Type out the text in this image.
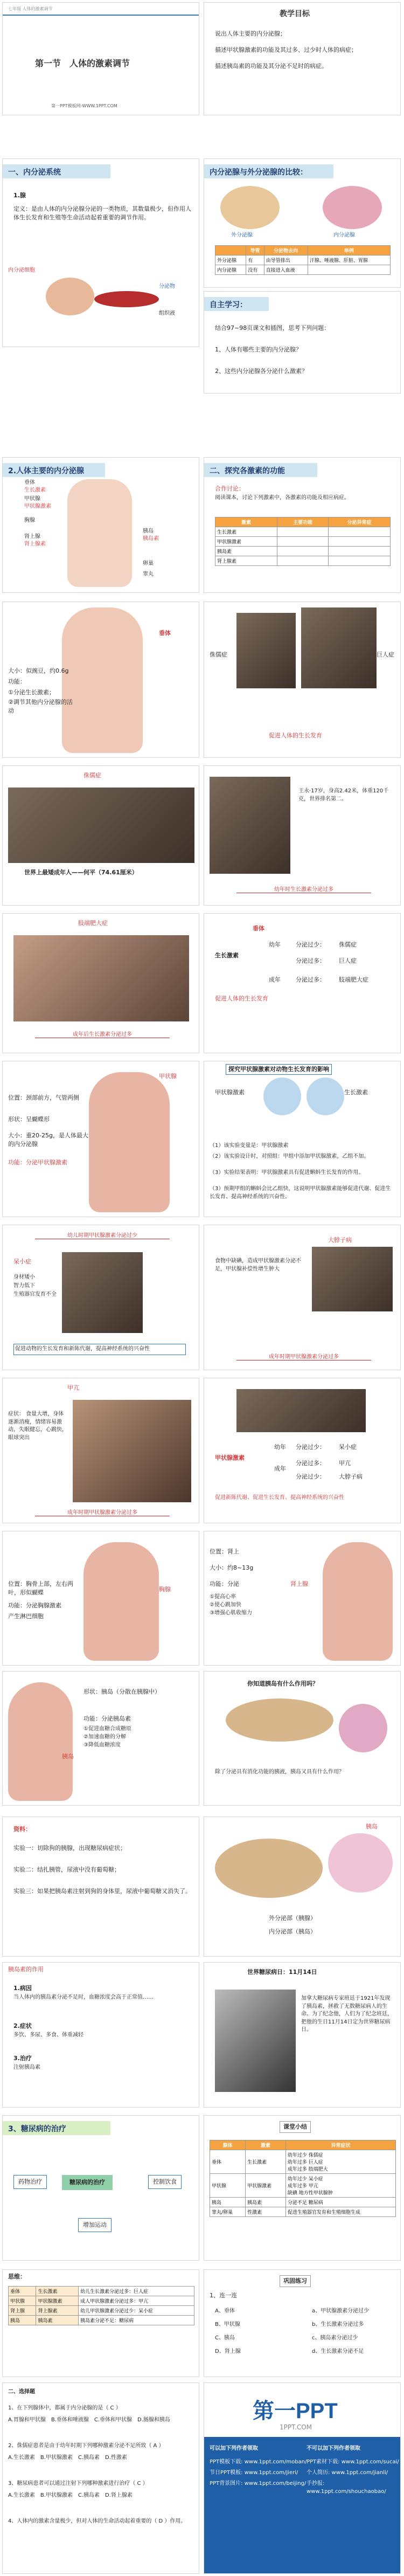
七年级 人体的激素调节
第一节　人体的激素调节
第一PPT模板网-WWW.1PPT.COM
教学目标
说出人体主要的内分泌腺；
描述甲状腺激素的功能及其过多、过少时人体的病症；
描述胰岛素的功能及其分泌不足时的病症。
一、内分泌系统
1.腺
定义：是由人体的内分泌腺分泌的一类物质，其数量极少，但作用人体生长发育和生殖等生命活动起着重要的调节作用。
内分泌细胞
分泌物
组织液
内分泌腺与外分泌腺的比较：
外分泌腺	内分泌腺
	导管	分泌物去向	举例
外分泌腺	有	由导管排出	汗腺、唾液腺、肝脏、胃腺
内分泌腺	没有	直接进入血液	
自主学习：
结合97~98页课文和插图，思考下列问题：
1、人体有哪些主要的内分泌腺？
2、这些内分泌腺各分泌什么激素？
2.人体主要的内分泌腺
垂体
生长激素
甲状腺
甲状腺激素
胸腺
肾上腺
肾上腺素
胰岛
胰岛素
卵巢
睾丸
二、探究各激素的功能
合作讨论：
阅读课本，讨论下列激素中，各激素的功能及相应病症。
激素	主要功能	分泌异常症
生长激素		
甲状腺激素		
胰岛素		
肾上腺素		
垂体
大小：似豌豆，约0.6g
功能：
①分泌生长激素；
②调节其他内分泌腺的活动
侏儒症	巨人症
促进人体的生长发育
侏儒症
世界上最矮成年人——何平（74.61厘米）
王永·17岁，身高2.42米，体重120千克，世界排名第二。
幼年时生长激素分泌过多
肢端肥大症
成年后生长激素分泌过多
垂体
生长激素
幼年	分泌过少： 侏儒症
分泌过多： 巨人症
成年	分泌过多： 肢端肥大症
促进人体的生长发育
甲状腺
位置：颈部前方，气管两侧
形状：呈蝴蝶形
大小：重20-25g，是人体最大的内分泌腺
功能：分泌甲状腺激素
探究甲状腺激素对动物生长发育的影响
甲状腺激素	生长激素
（1）该实验变量是：甲状腺激素
（2）该实验设计时，对照组：甲组中添加甲状腺激素，乙组不加。
（3）实验结果表明：甲状腺激素具有促进蝌蚪生长发育的作用。
（3）预期甲组的蝌蚪会比乙组快，这说明甲状腺激素能够促进代谢、促进生长发育、提高神经系统的兴奋性。
幼儿时期甲状腺激素分泌过少
呆小症
身材矮小
智力低下
生殖器官发育不全
促进动物的生长发育和新陈代谢，提高神经系统的兴奋性
大脖子病
食物中缺碘，造成甲状腺激素分泌不足，甲状腺补偿性增生肿大
成年时期甲状腺激素分泌过多
甲亢
症状： 食量大增，身体逐渐消瘦，情绪容易激动，失眠健忘，心跳快，眼球突出
成年时期甲状腺激素分泌过多
甲状腺激素
幼年 分泌过少： 呆小症
成年
分泌过多： 甲亢
分泌过少： 大脖子病
促进新陈代谢、促进生长发育、提高神经系统的兴奋性
位置：胸骨上部，左右两叶，形似蝴蝶
功能：分泌胸腺激素
产生淋巴细胞
胸腺
位置：肾上
大小：约8~13g
功能：分泌
①提高心率
②使心跳加快
③增强心肌收缩力
肾上腺
形状：胰岛（分散在胰腺中）
功能：分泌胰岛素
①促进血糖合成糖原
②加速血糖的分解
③降低血糖浓度
胰岛
你知道胰岛有什么作用吗？
除了分泌具有消化功能的胰液，胰岛又具有什么作用？
资料：
实验一：切除狗的胰腺，出现糖尿病症状；
实验二：结扎胰管，尿液中没有葡萄糖；
实验三：如果把胰岛素注射到狗的身体里，尿液中葡萄糖又消失了。
胰岛
外分泌部（胰腺）
内分泌部（胰岛）
胰岛素的作用
1.病因
当人体内的胰岛素分泌不足时，血糖浓度会高于正常值……
2.症状
多饮、多尿、多食、体重减轻
3.治疗
注射胰岛素
世界糖尿病日：11月14日
加拿大糖尿病专家班廷于1921年发现了胰岛素，拯救了无数糖尿病人的生命。为了纪念他，人们为了纪念班廷，把他的生日11月14日定为世界糖尿病日。
3、糖尿病的治疗
糖尿病的治疗
药物治疗	控制饮食
增加运动
课堂小结
腺体	激素	异常症状
垂体	生长激素	幼年过少 侏儒症
幼年过多 巨人症
成年过多 肢端肥大
甲状腺	甲状腺激素	幼年过少 呆小症
成年过多 甲亢
缺碘 地方性甲状腺肿
胰岛	胰岛素	分泌不足 糖尿病
睾丸/卵巢	性激素	促进生殖器官发育和生殖细胞生成
思维：
垂体	生长激素	幼儿生长激素分泌过多：巨人症
甲状腺	甲状腺激素	成人甲状腺激素分泌过多：甲亢
肾上腺	肾上腺素	幼儿甲状腺激素分泌过少：呆小症
胰岛	胰岛素	胰岛素分泌不足：糖尿病
巩固练习
1、连一连
A、垂体
B、甲状腺
C、胰岛
D、肾上腺
a、甲状腺激素分泌过少
b、生长激素分泌过多
c、胰岛素分泌过少
d、生长激素分泌不足
二、选择题
1、在下列腺体中，都属于内分泌腺的是（ C ）
A.胃腺和甲状腺　B.垂体和唾液腺　C.垂体和甲状腺　D.肠腺和胰岛
2、侏儒症患者是由于幼年时期下列哪种激素分泌不足所致（ A ）
A.生长激素　B.甲状腺激素　C.胰岛素　D.性激素
3、糖尿病患者可以通过注射下列哪种激素进行治疗（ C ）
A.生长激素　B.甲状腺激素　C.胰岛素　D.肾上腺素
4、人体内的激素含量极少，但对人体的生命活动起着重要的（ D ）作用。
第一PPT
1PPT.COM
可以加下列作者领取
PPT模板下载: www.1ppt.com/moban/
节日PPT模板: www.1ppt.com/jieri/
PPT背景图片: www.1ppt.com/beijing/
不可以加下列作者领取
PPT素材下载: www.1ppt.com/sucai/
个人简历: www.1ppt.com/jianli/
手抄报: www.1ppt.com/shouchaobao/
